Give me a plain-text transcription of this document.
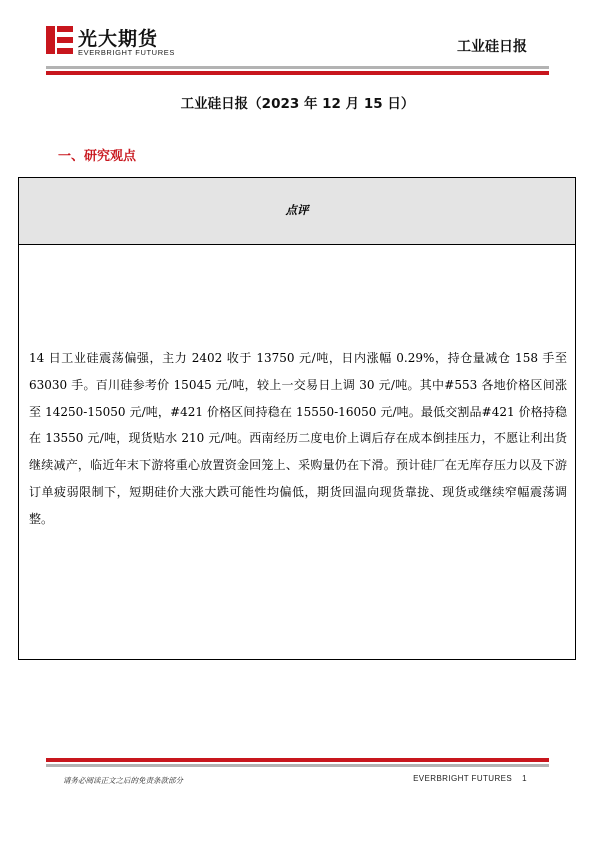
光大期货
EVERBRIGHT FUTURES	工业硅日报
工业硅日报（2023 年 12 月 15 日）
一、研究观点
点评
14 日工业硅震荡偏强，主力 2402 收于 13750 元/吨，日内涨幅 0.29%，持仓量减仓 158 手至 63030 手。百川硅参考价 15045 元/吨，较上一交易日上调 30 元/吨。其中#553 各地价格区间涨至 14250-15050 元/吨，#421 价格区间持稳在 15550-16050 元/吨。最低交割品#421 价格持稳在 13550 元/吨，现货贴水 210 元/吨。西南经历二度电价上调后存在成本倒挂压力，不愿让利出货继续减产，临近年末下游将重心放置资金回笼上、采购量仍在下滑。预计硅厂在无库存压力以及下游订单疲弱限制下，短期硅价大涨大跌可能性均偏低，期货回温向现货靠拢、现货或继续窄幅震荡调整。
请务必阅读正文之后的免责条款部分	EVERBRIGHT FUTURES 1
